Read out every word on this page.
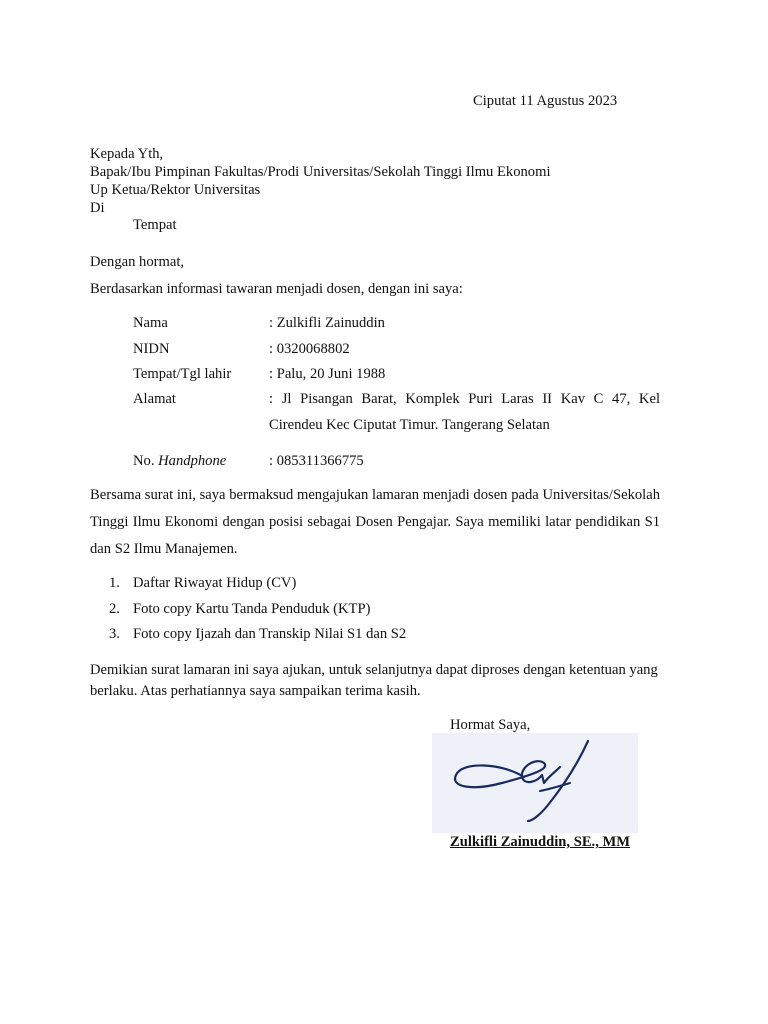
Ciputat 11 Agustus 2023
Kepada Yth,
Bapak/Ibu Pimpinan Fakultas/Prodi Universitas/Sekolah Tinggi Ilmu Ekonomi
Up Ketua/Rektor Universitas
Di
Tempat
Dengan hormat,
Berdasarkan informasi tawaran menjadi dosen, dengan ini saya:
Nama	: Zulkifli Zainuddin
NIDN	: 0320068802
Tempat/Tgl lahir	: Palu, 20 Juni 1988
Alamat	: Jl Pisangan Barat, Komplek Puri Laras II Kav C 47, Kel Cirendeu Kec Ciputat Timur. Tangerang Selatan
No. Handphone	: 085311366775
Bersama surat ini, saya bermaksud mengajukan lamaran menjadi dosen pada Universitas/Sekolah Tinggi Ilmu Ekonomi dengan posisi sebagai Dosen Pengajar. Saya memiliki latar pendidikan S1 dan S2 Ilmu Manajemen.
1. Daftar Riwayat Hidup (CV)
2. Foto copy Kartu Tanda Penduduk (KTP)
3. Foto copy Ijazah dan Transkip Nilai S1 dan S2
Demikian surat lamaran ini saya ajukan, untuk selanjutnya dapat diproses dengan ketentuan yang berlaku. Atas perhatiannya saya sampaikan terima kasih.
Hormat Saya,
Zulkifli Zainuddin, SE., MM
